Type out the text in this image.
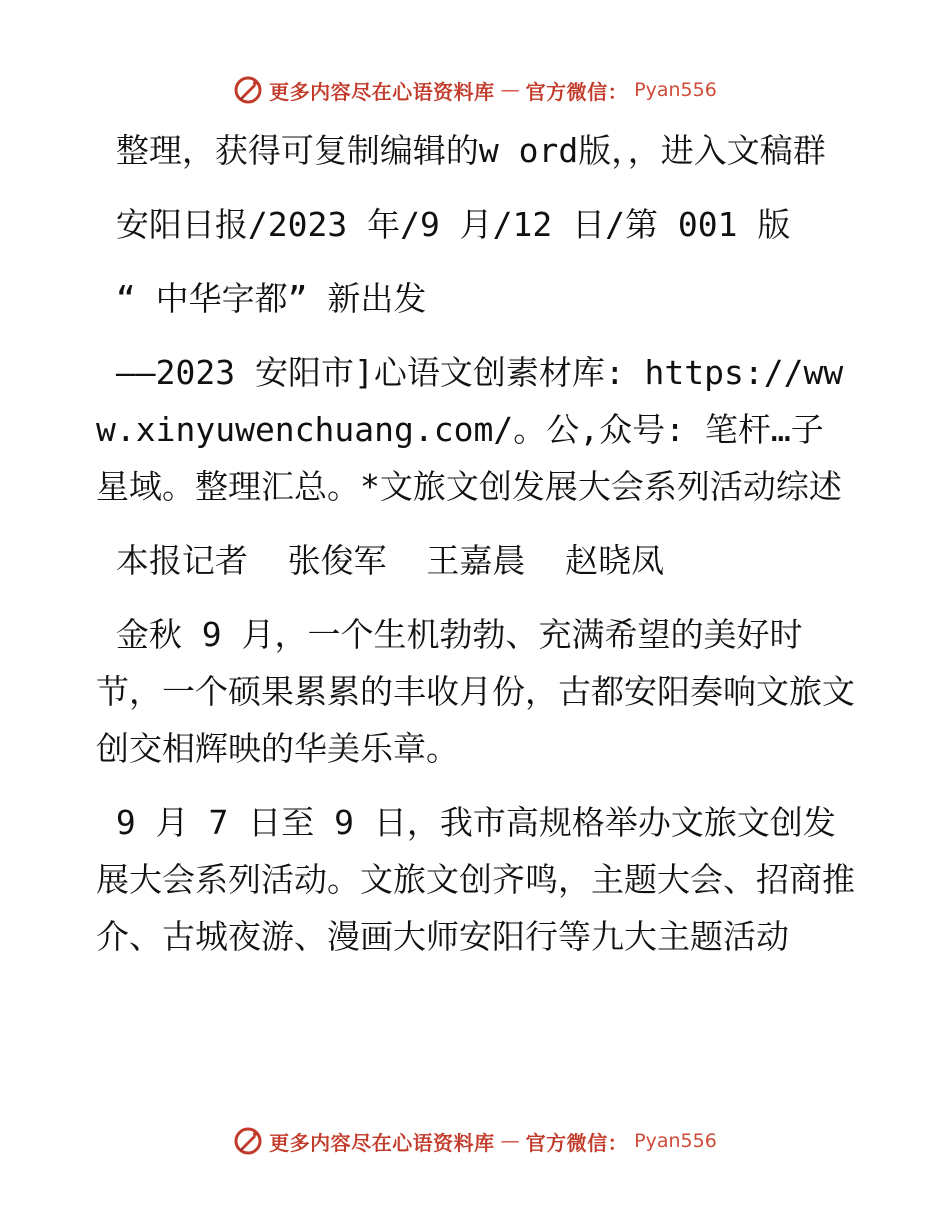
更多内容尽在心语资料库 — 官方微信： Pyan556

整理，获得可复制编辑的w ord版，，进入文稿群

安阳日报/2023 年/9 月/12 日/第 001 版

“ 中华字都” 新出发

——2023 安阳市]心语文创素材库: https://www.xinyuwenchuang.com/。公,众号: 笔杆…子星域。整理汇总。*文旅文创发展大会系列活动综述

本报记者  张俊军  王嘉晨  赵晓凤

金秋 9 月，一个生机勃勃、充满希望的美好时节，一个硕果累累的丰收月份，古都安阳奏响文旅文创交相辉映的华美乐章。

9 月 7 日至 9 日，我市高规格举办文旅文创发展大会系列活动。文旅文创齐鸣，主题大会、招商推介、古城夜游、漫画大师安阳行等九大主题活动

更多内容尽在心语资料库 — 官方微信： Pyan556
